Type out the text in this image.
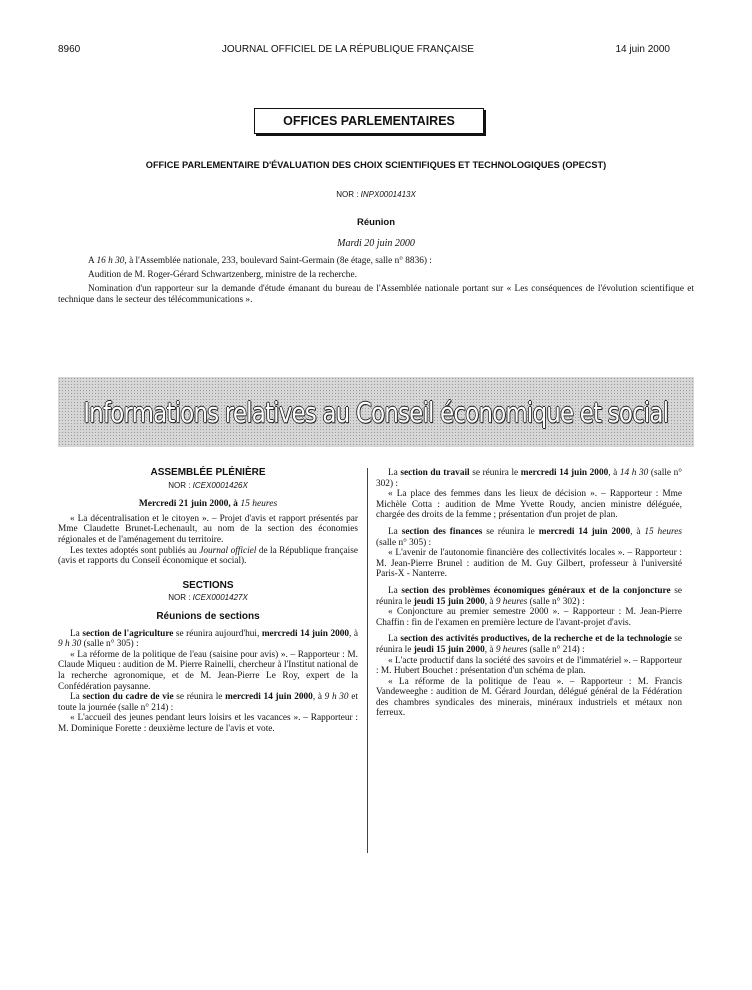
8960	JOURNAL OFFICIEL DE LA RÉPUBLIQUE FRANÇAISE	14 juin 2000
OFFICES PARLEMENTAIRES
OFFICE PARLEMENTAIRE D'ÉVALUATION DES CHOIX SCIENTIFIQUES ET TECHNOLOGIQUES (OPECST)
NOR : INPX0001413X
Réunion
Mardi 20 juin 2000
A 16 h 30, à l'Assemblée nationale, 233, boulevard Saint-Germain (8e étage, salle n° 8836) :
Audition de M. Roger-Gérard Schwartzenberg, ministre de la recherche.
Nomination d'un rapporteur sur la demande d'étude émanant du bureau de l'Assemblée nationale portant sur « Les conséquences de l'évolution scientifique et technique dans le secteur des télécommunications ».
Informations relatives au Conseil économique et social
ASSEMBLÉE PLÉNIÈRE
NOR : ICEX0001426X
Mercredi 21 juin 2000, à 15 heures

« La décentralisation et le citoyen ». – Projet d'avis et rapport présentés par Mme Claudette Brunet-Lechenault, au nom de la section des économies régionales et de l'aménagement du territoire.

Les textes adoptés sont publiés au Journal officiel de la République française (avis et rapports du Conseil économique et social).

SECTIONS
NOR : ICEX0001427X
Réunions de sections

La section de l'agriculture se réunira aujourd'hui, mercredi 14 juin 2000, à 9 h 30 (salle n° 305) :

« La réforme de la politique de l'eau (saisine pour avis) ». – Rapporteur : M. Claude Miqueu : audition de M. Pierre Rainelli, chercheur à l'Institut national de la recherche agronomique, et de M. Jean-Pierre Le Roy, expert de la Confédération paysanne.

La section du cadre de vie se réunira le mercredi 14 juin 2000, à 9 h 30 et toute la journée (salle n° 214) :

« L'accueil des jeunes pendant leurs loisirs et les vacances ». – Rapporteur : M. Dominique Forette : deuxième lecture de l'avis et vote.

La section du travail se réunira le mercredi 14 juin 2000, à 14 h 30 (salle n° 302) :

« La place des femmes dans les lieux de décision ». – Rapporteur : Mme Michèle Cotta : audition de Mme Yvette Roudy, ancien ministre déléguée, chargée des droits de la femme ; présentation d'un projet de plan.

La section des finances se réunira le mercredi 14 juin 2000, à 15 heures (salle n° 305) :

« L'avenir de l'autonomie financière des collectivités locales ». – Rapporteur : M. Jean-Pierre Brunel : audition de M. Guy Gilbert, professeur à l'université Paris-X - Nanterre.

La section des problèmes économiques généraux et de la conjoncture se réunira le jeudi 15 juin 2000, à 9 heures (salle n° 302) :

« Conjoncture au premier semestre 2000 ». – Rapporteur : M. Jean-Pierre Chaffin : fin de l'examen en première lecture de l'avant-projet d'avis.

La section des activités productives, de la recherche et de la technologie se réunira le jeudi 15 juin 2000, à 9 heures (salle n° 214) :

« L'acte productif dans la société des savoirs et de l'immatériel ». – Rapporteur : M. Hubert Bouchet : présentation d'un schéma de plan.

« La réforme de la politique de l'eau ». – Rapporteur : M. Francis Vandeweeghe : audition de M. Gérard Jourdan, délégué général de la Fédération des chambres syndicales des minerais, minéraux industriels et métaux non ferreux.
